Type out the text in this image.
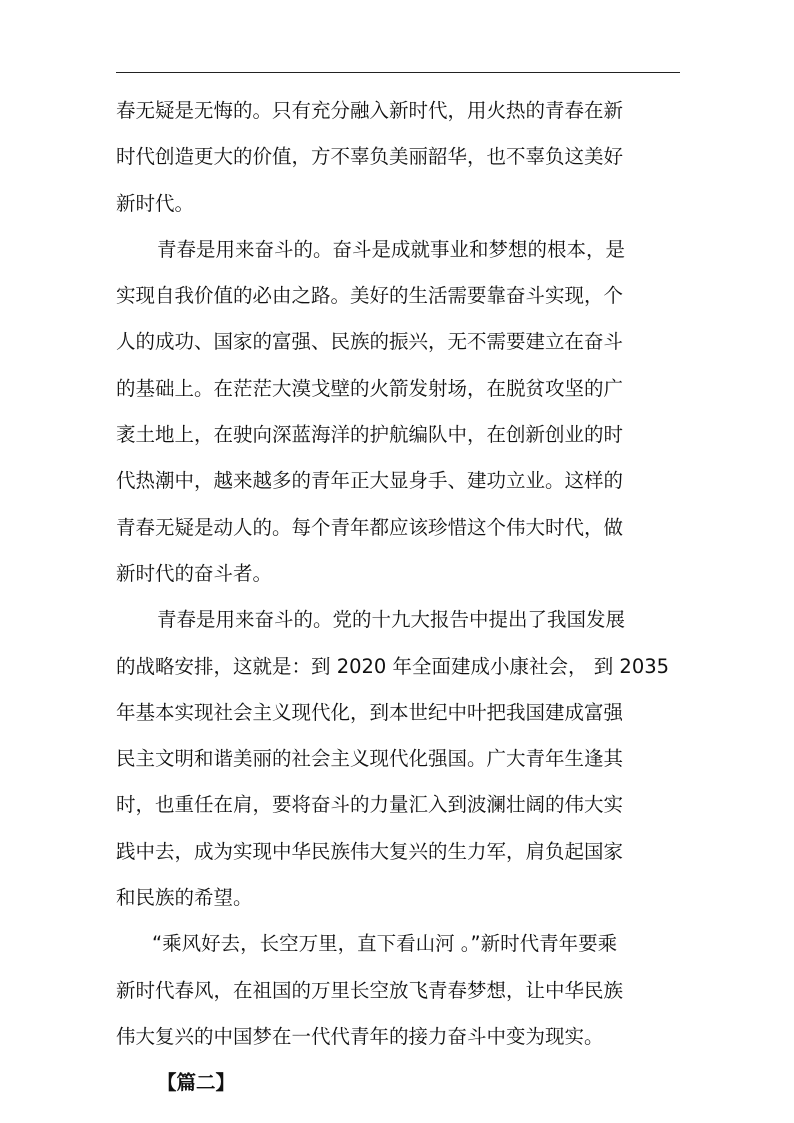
春无疑是无悔的。只有充分融入新时代，用火热的青春在新
时代创造更大的价值，方不辜负美丽韶华，也不辜负这美好
新时代。
青春是用来奋斗的。奋斗是成就事业和梦想的根本，是
实现自我价值的必由之路。美好的生活需要靠奋斗实现，个
人的成功、国家的富强、民族的振兴，无不需要建立在奋斗
的基础上。在茫茫大漠戈壁的火箭发射场，在脱贫攻坚的广
袤土地上，在驶向深蓝海洋的护航编队中，在创新创业的时
代热潮中，越来越多的青年正大显身手、建功立业。这样的
青春无疑是动人的。每个青年都应该珍惜这个伟大时代，做
新时代的奋斗者。
青春是用来奋斗的。党的十九大报告中提出了我国发展
的战略安排，这就是：到 2020 年全面建成小康社会， 到 2035
年基本实现社会主义现代化，到本世纪中叶把我国建成富强
民主文明和谐美丽的社会主义现代化强国。广大青年生逢其
时，也重任在肩，要将奋斗的力量汇入到波澜壮阔的伟大实
践中去，成为实现中华民族伟大复兴的生力军，肩负起国家
和民族的希望。
“乘风好去，长空万里，直下看山河 。”新时代青年要乘
新时代春风，在祖国的万里长空放飞青春梦想，让中华民族
伟大复兴的中国梦在一代代青年的接力奋斗中变为现实。
【篇二】
